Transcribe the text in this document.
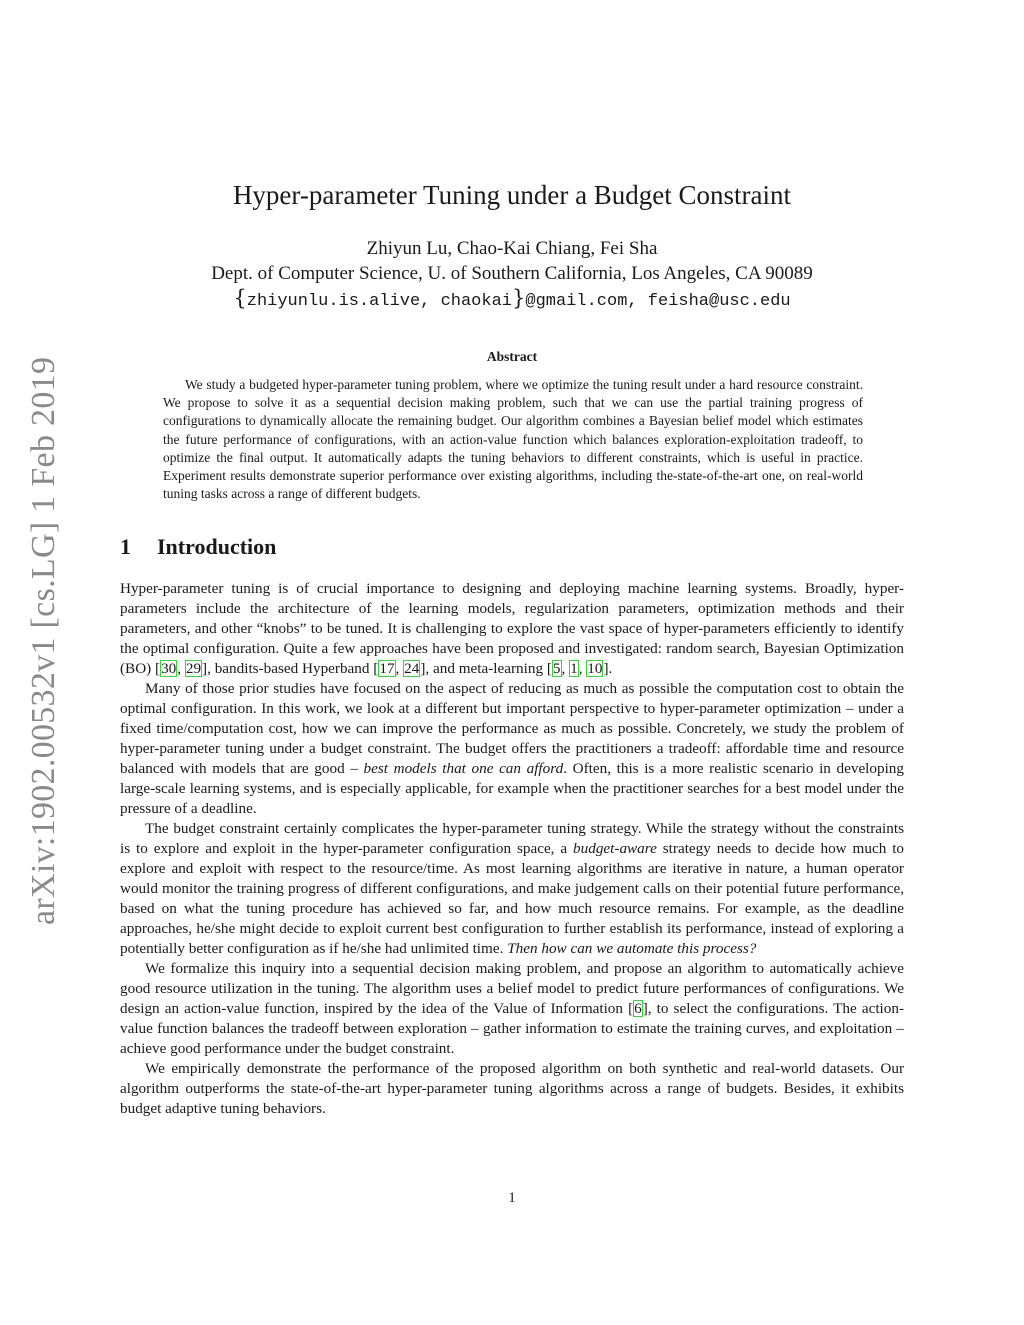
arXiv:1902.00532v1 [cs.LG] 1 Feb 2019
Hyper-parameter Tuning under a Budget Constraint
Zhiyun Lu, Chao-Kai Chiang, Fei Sha
Dept. of Computer Science, U. of Southern California, Los Angeles, CA 90089
{zhiyunlu.is.alive, chaokai}@gmail.com, feisha@usc.edu
Abstract

We study a budgeted hyper-parameter tuning problem, where we optimize the tuning result under a hard resource constraint. We propose to solve it as a sequential decision making problem, such that we can use the partial training progress of configurations to dynamically allocate the remaining budget. Our algorithm combines a Bayesian belief model which estimates the future performance of configurations, with an action-value function which balances exploration-exploitation tradeoff, to optimize the final output. It automatically adapts the tuning behaviors to different constraints, which is useful in practice. Experiment results demonstrate superior performance over existing algorithms, including the-state-of-the-art one, on real-world tuning tasks across a range of different budgets.

1 Introduction

Hyper-parameter tuning is of crucial importance to designing and deploying machine learning systems. Broadly, hyper-parameters include the architecture of the learning models, regularization parameters, optimization methods and their parameters, and other “knobs” to be tuned. It is challenging to explore the vast space of hyper-parameters efficiently to identify the optimal configuration. Quite a few approaches have been proposed and investigated: random search, Bayesian Optimization (BO) [30, 29], bandits-based Hyperband [17, 24], and meta-learning [5, 1, 10].

Many of those prior studies have focused on the aspect of reducing as much as possible the computation cost to obtain the optimal configuration. In this work, we look at a different but important perspective to hyper-parameter optimization – under a fixed time/computation cost, how we can improve the performance as much as possible. Concretely, we study the problem of hyper-parameter tuning under a budget constraint. The budget offers the practitioners a tradeoff: affordable time and resource balanced with models that are good – best models that one can afford. Often, this is a more realistic scenario in developing large-scale learning systems, and is especially applicable, for example when the practitioner searches for a best model under the pressure of a deadline.

The budget constraint certainly complicates the hyper-parameter tuning strategy. While the strategy without the constraints is to explore and exploit in the hyper-parameter configuration space, a budget-aware strategy needs to decide how much to explore and exploit with respect to the resource/time. As most learning algorithms are iterative in nature, a human operator would monitor the training progress of different configurations, and make judgement calls on their potential future performance, based on what the tuning procedure has achieved so far, and how much resource remains. For example, as the deadline approaches, he/she might decide to exploit current best configuration to further establish its performance, instead of exploring a potentially better configuration as if he/she had unlimited time. Then how can we automate this process?

We formalize this inquiry into a sequential decision making problem, and propose an algorithm to automatically achieve good resource utilization in the tuning. The algorithm uses a belief model to predict future performances of configurations. We design an action-value function, inspired by the idea of the Value of Information [6], to select the configurations. The action-value function balances the tradeoff between exploration – gather information to estimate the training curves, and exploitation – achieve good performance under the budget constraint.

We empirically demonstrate the performance of the proposed algorithm on both synthetic and real-world datasets. Our algorithm outperforms the state-of-the-art hyper-parameter tuning algorithms across a range of budgets. Besides, it exhibits budget adaptive tuning behaviors.

1
